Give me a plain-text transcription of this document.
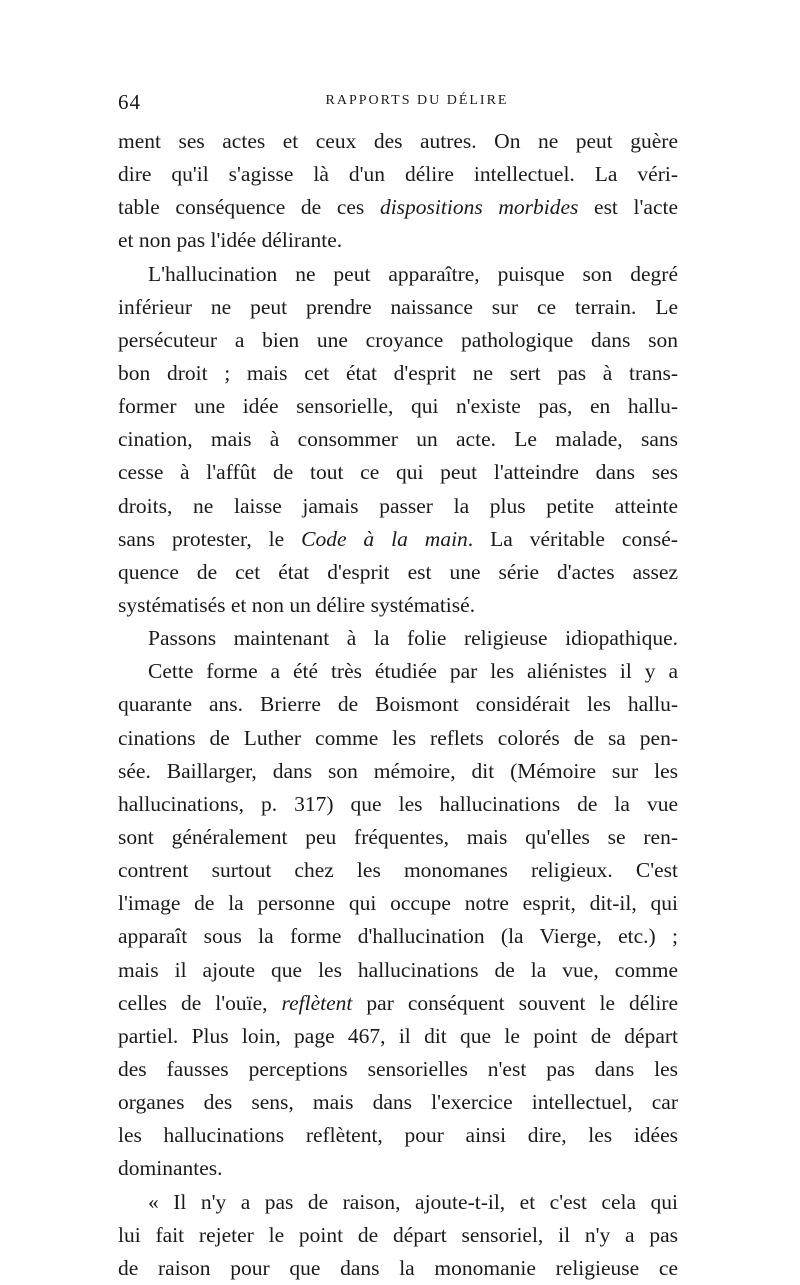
64	RAPPORTS DU DÉLIRE
ment ses actes et ceux des autres. On ne peut guère
dire qu'il s'agisse là d'un délire intellectuel. La véri-
table conséquence de ces dispositions morbides est l'acte
et non pas l'idée délirante.
L'hallucination ne peut apparaître, puisque son degré
inférieur ne peut prendre naissance sur ce terrain. Le
persécuteur a bien une croyance pathologique dans son
bon droit ; mais cet état d'esprit ne sert pas à trans-
former une idée sensorielle, qui n'existe pas, en hallu-
cination, mais à consommer un acte. Le malade, sans
cesse à l'affût de tout ce qui peut l'atteindre dans ses
droits, ne laisse jamais passer la plus petite atteinte
sans protester, le Code à la main. La véritable consé-
quence de cet état d'esprit est une série d'actes assez
systématisés et non un délire systématisé.
Passons maintenant à la folie religieuse idiopathique.
Cette forme a été très étudiée par les aliénistes il y a
quarante ans. Brierre de Boismont considérait les hallu-
cinations de Luther comme les reflets colorés de sa pen-
sée. Baillarger, dans son mémoire, dit (Mémoire sur les
hallucinations, p. 317) que les hallucinations de la vue
sont généralement peu fréquentes, mais qu'elles se ren-
contrent surtout chez les monomanes religieux. C'est
l'image de la personne qui occupe notre esprit, dit-il, qui
apparaît sous la forme d'hallucination (la Vierge, etc.) ;
mais il ajoute que les hallucinations de la vue, comme
celles de l'ouïe, reflètent par conséquent souvent le délire
partiel. Plus loin, page 467, il dit que le point de départ
des fausses perceptions sensorielles n'est pas dans les
organes des sens, mais dans l'exercice intellectuel, car
les hallucinations reflètent, pour ainsi dire, les idées
dominantes.
« Il n'y a pas de raison, ajoute-t-il, et c'est cela qui
lui fait rejeter le point de départ sensoriel, il n'y a pas
de raison pour que dans la monomanie religieuse ce
